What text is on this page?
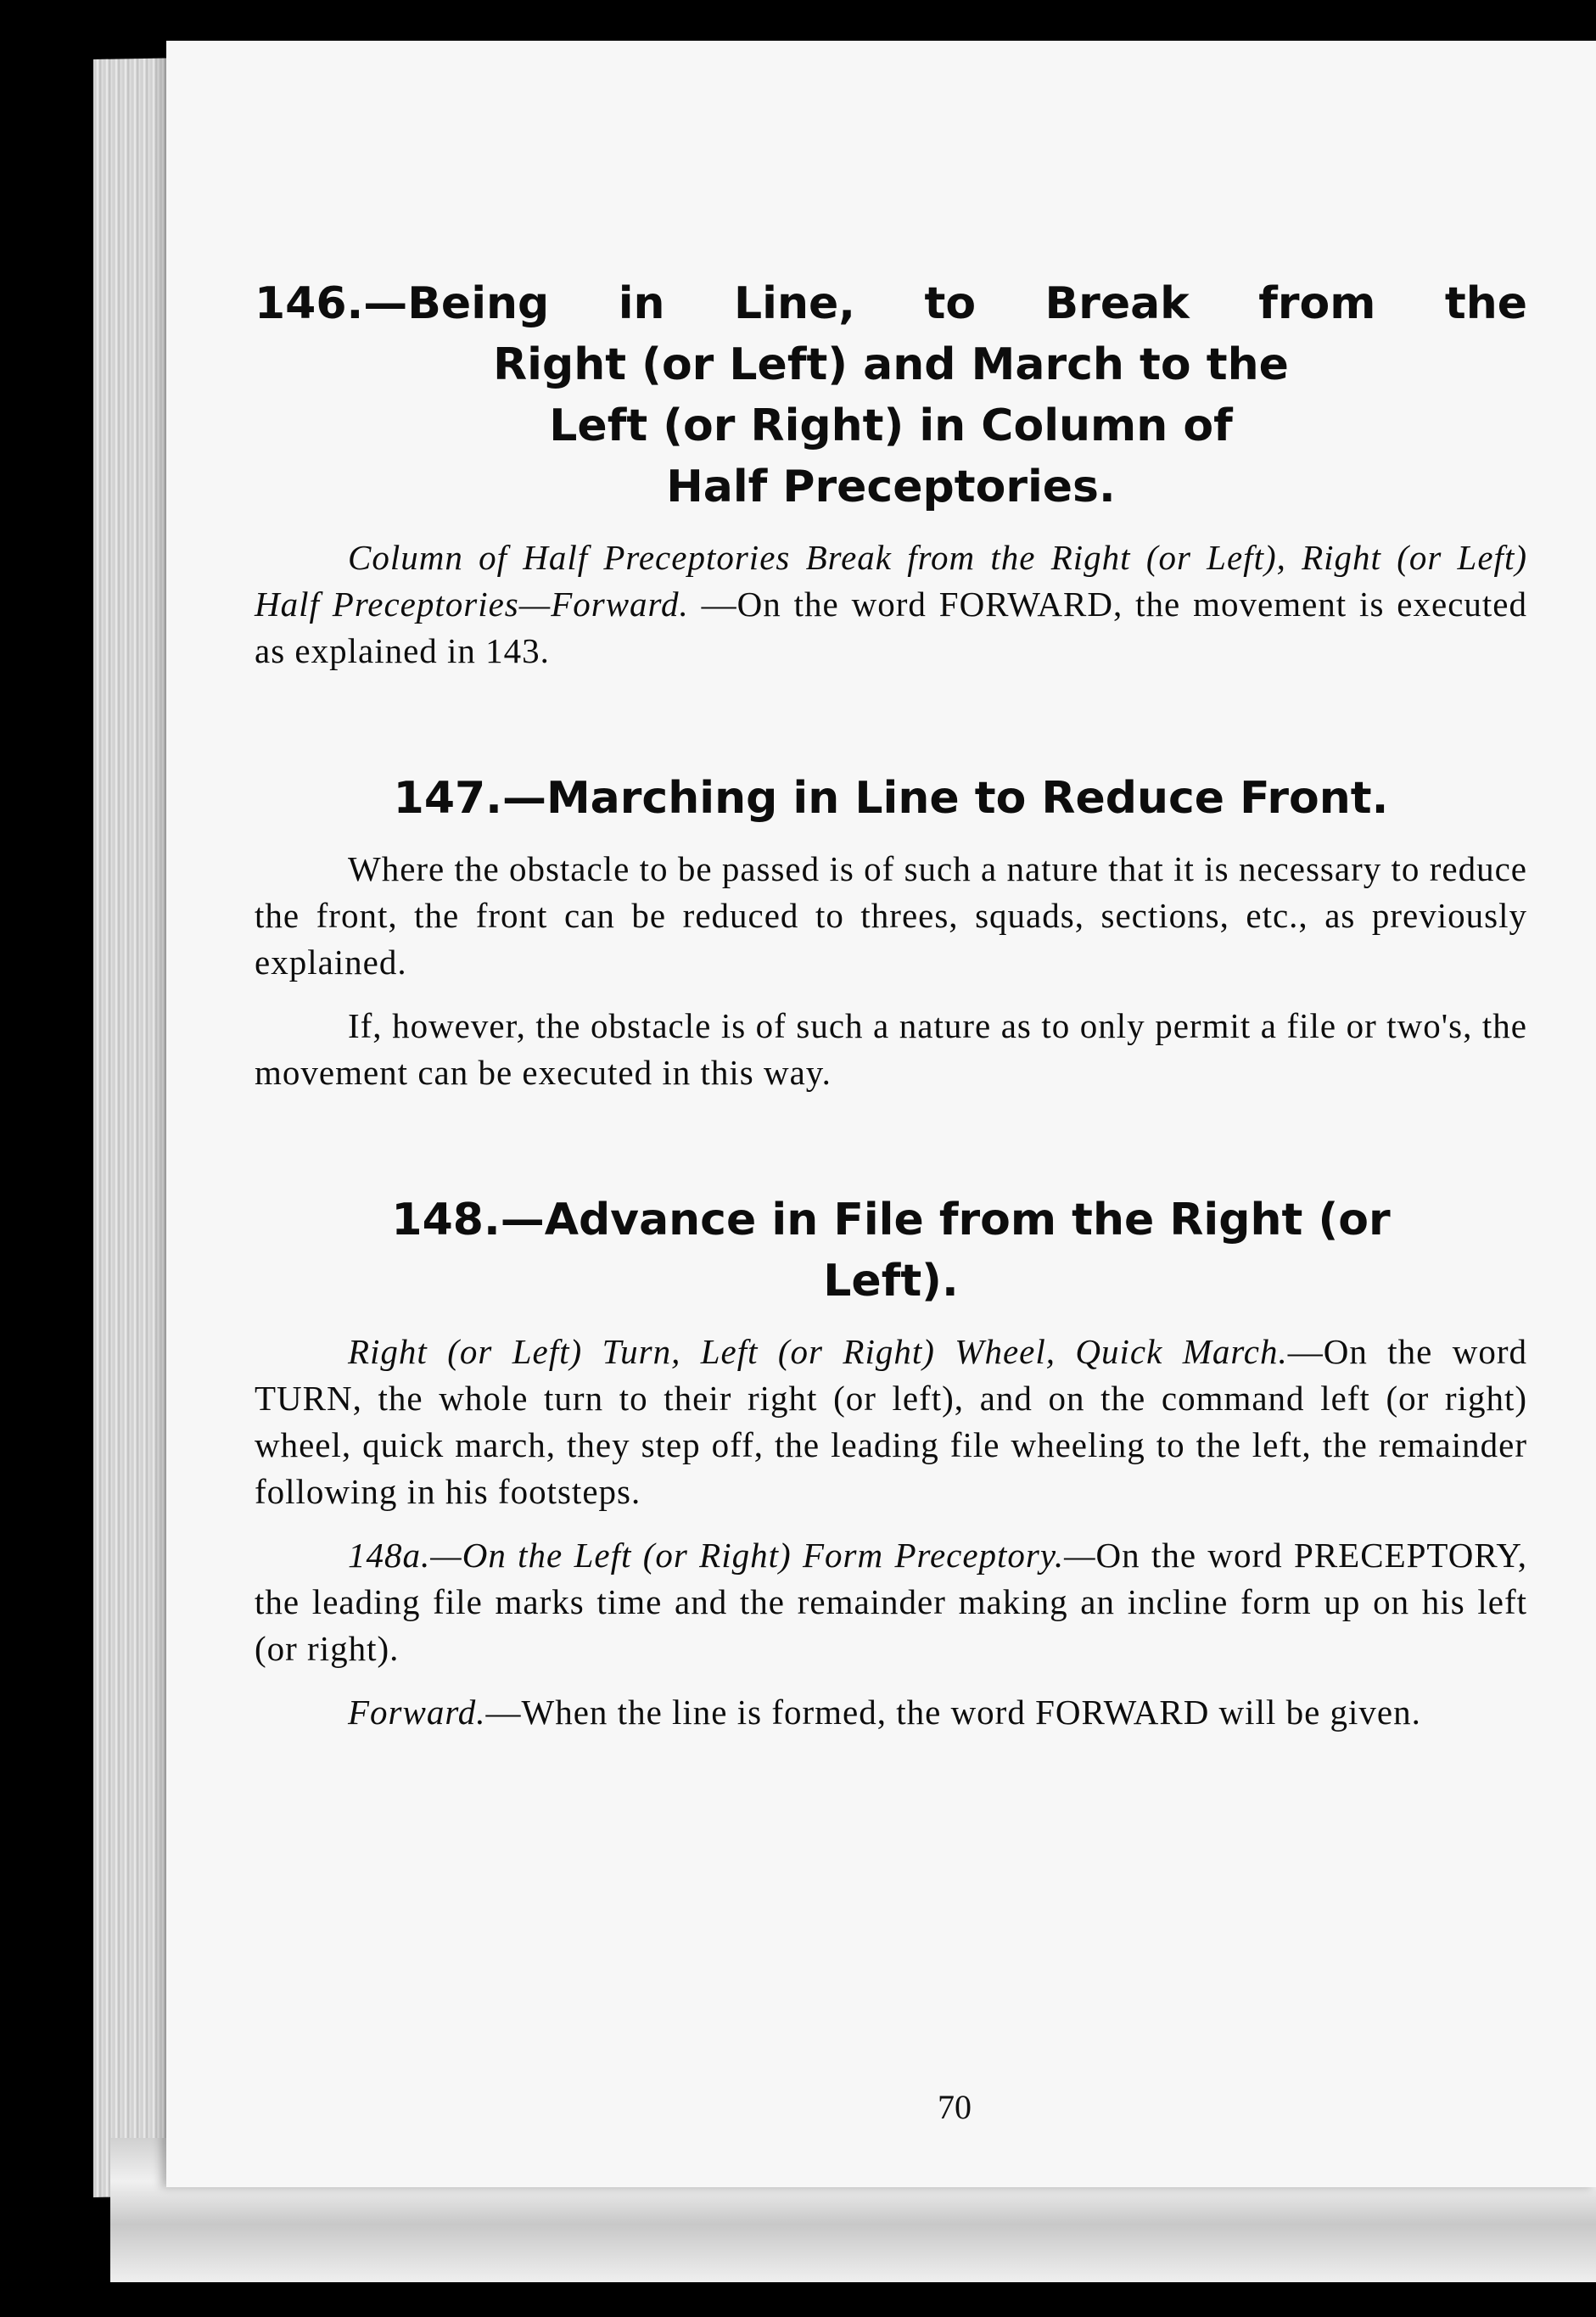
146.—Being in Line, to Break from the
Right (or Left) and March to the
Left (or Right) in Column of
Half Preceptories.

Column of Half Preceptories Break from the Right (or Left), Right (or Left) Half Preceptories—Forward. —On the word FORWARD, the movement is executed as explained in 143.

147.—Marching in Line to Reduce Front.

Where the obstacle to be passed is of such a nature that it is necessary to reduce the front, the front can be reduced to threes, squads, sections, etc., as previously explained.

If, however, the obstacle is of such a nature as to only permit a file or two's, the movement can be executed in this way.

148.—Advance in File from the Right (or
Left).

Right (or Left) Turn, Left (or Right) Wheel, Quick March.—On the word TURN, the whole turn to their right (or left), and on the command left (or right) wheel, quick march, they step off, the leading file wheeling to the left, the remainder following in his footsteps.

148a.—On the Left (or Right) Form Preceptory.—On the word PRECEPTORY, the leading file marks time and the remainder making an incline form up on his left (or right).

Forward.—When the line is formed, the word FORWARD will be given.

70
